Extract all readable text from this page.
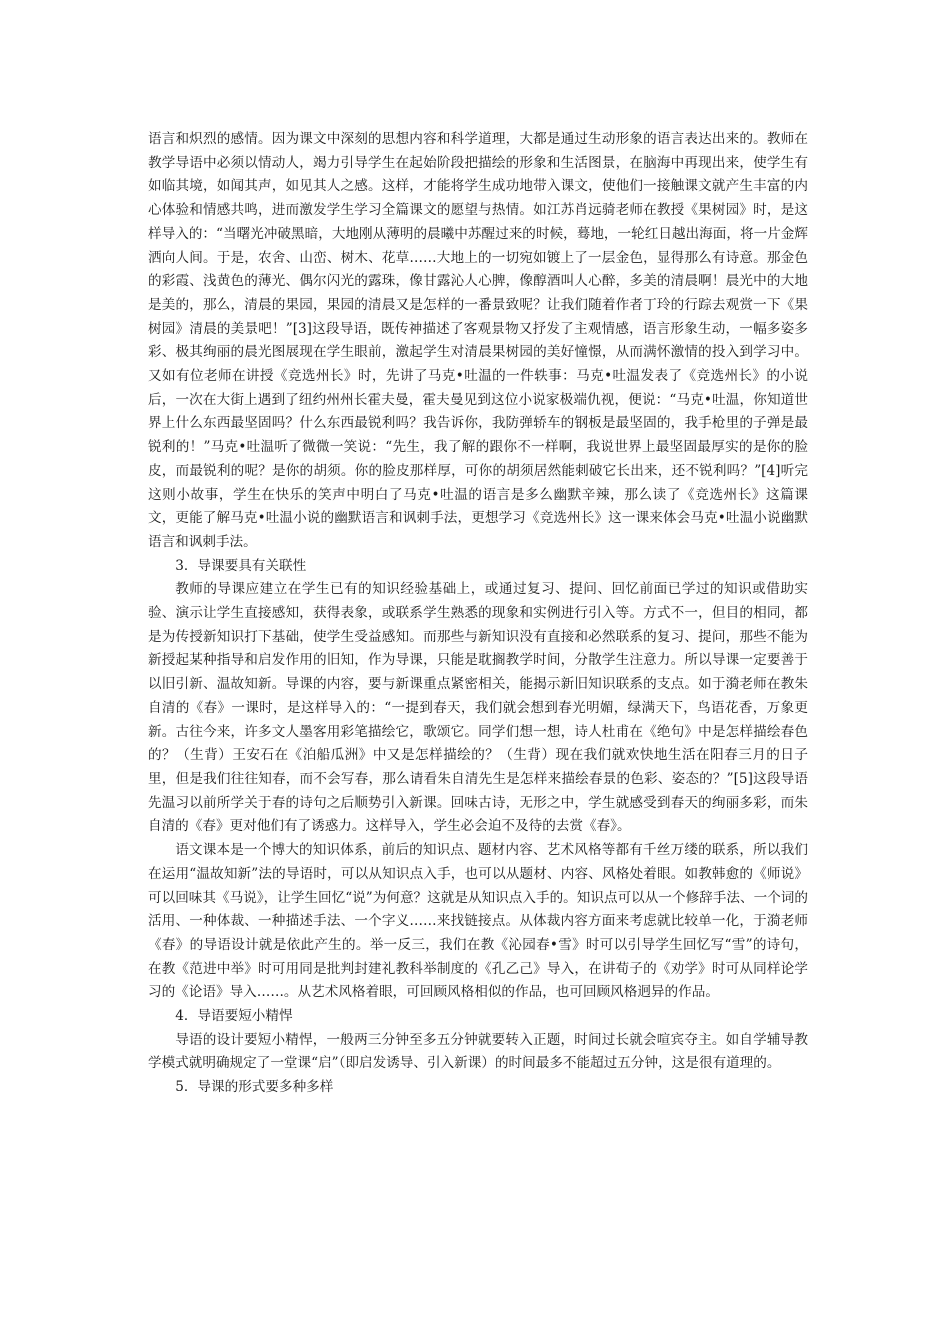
语言和炽烈的感情。因为课文中深刻的思想内容和科学道理，大都是通过生动形象的语言表达出来的。教师在教学导语中必须以情动人，竭力引导学生在起始阶段把描绘的形象和生活图景，在脑海中再现出来，使学生有如临其境，如闻其声，如见其人之感。这样，才能将学生成功地带入课文，使他们一接触课文就产生丰富的内心体验和情感共鸣，进而激发学生学习全篇课文的愿望与热情。如江苏肖远骑老师在教授《果树园》时，是这样导入的：“当曙光冲破黑暗，大地刚从薄明的晨曦中苏醒过来的时候，蓦地，一轮红日越出海面，将一片金辉洒向人间。于是，农舍、山峦、树木、花草……大地上的一切宛如镀上了一层金色，显得那么有诗意。那金色的彩霞、浅黄色的薄光、偶尔闪光的露珠，像甘露沁人心脾，像醇酒叫人心醉，多美的清晨啊！晨光中的大地是美的，那么，清晨的果园，果园的清晨又是怎样的一番景致呢？让我们随着作者丁玲的行踪去观赏一下《果树园》清晨的美景吧！”[3]这段导语，既传神描述了客观景物又抒发了主观情感，语言形象生动，一幅多姿多彩、极其绚丽的晨光图展现在学生眼前，激起学生对清晨果树园的美好憧憬，从而满怀激情的投入到学习中。又如有位老师在讲授《竞选州长》时，先讲了马克•吐温的一件轶事：马克•吐温发表了《竞选州长》的小说后，一次在大街上遇到了纽约州州长霍夫曼，霍夫曼见到这位小说家极端仇视，便说：“马克•吐温，你知道世界上什么东西最坚固吗？什么东西最锐利吗？我告诉你，我防弹轿车的钢板是最坚固的，我手枪里的子弹是最锐利的！”马克•吐温听了微微一笑说：“先生，我了解的跟你不一样啊，我说世界上最坚固最厚实的是你的脸皮，而最锐利的呢？是你的胡须。你的脸皮那样厚，可你的胡须居然能刺破它长出来，还不锐利吗？”[4]听完这则小故事，学生在快乐的笑声中明白了马克•吐温的语言是多么幽默辛辣，那么读了《竞选州长》这篇课文，更能了解马克•吐温小说的幽默语言和讽刺手法，更想学习《竞选州长》这一课来体会马克•吐温小说幽默语言和讽刺手法。

3．导课要具有关联性

教师的导课应建立在学生已有的知识经验基础上，或通过复习、提问、回忆前面已学过的知识或借助实验、演示让学生直接感知，获得表象，或联系学生熟悉的现象和实例进行引入等。方式不一，但目的相同，都是为传授新知识打下基础，使学生受益感知。而那些与新知识没有直接和必然联系的复习、提问，那些不能为新授起某种指导和启发作用的旧知，作为导课，只能是耽搁教学时间，分散学生注意力。所以导课一定要善于以旧引新、温故知新。导课的内容，要与新课重点紧密相关，能揭示新旧知识联系的支点。如于漪老师在教朱自清的《春》一课时，是这样导入的：“一提到春天，我们就会想到春光明媚，绿满天下，鸟语花香，万象更新。古往今来，许多文人墨客用彩笔描绘它，歌颂它。同学们想一想，诗人杜甫在《绝句》中是怎样描绘春色的？（生背）王安石在《泊船瓜洲》中又是怎样描绘的？（生背）现在我们就欢快地生活在阳春三月的日子里，但是我们往往知春，而不会写春，那么请看朱自清先生是怎样来描绘春景的色彩、姿态的？”[5]这段导语先温习以前所学关于春的诗句之后顺势引入新课。回味古诗，无形之中，学生就感受到春天的绚丽多彩，而朱自清的《春》更对他们有了诱惑力。这样导入，学生必会迫不及待的去赏《春》。

语文课本是一个博大的知识体系，前后的知识点、题材内容、艺术风格等都有千丝万缕的联系，所以我们在运用“温故知新”法的导语时，可以从知识点入手，也可以从题材、内容、风格处着眼。如教韩愈的《师说》可以回味其《马说》，让学生回忆“说”为何意？这就是从知识点入手的。知识点可以从一个修辞手法、一个词的活用、一种体裁、一种描述手法、一个字义……来找链接点。从体裁内容方面来考虑就比较单一化，于漪老师《春》的导语设计就是依此产生的。举一反三，我们在教《沁园春•雪》时可以引导学生回忆写“雪”的诗句，在教《范进中举》时可用同是批判封建礼教科举制度的《孔乙己》导入，在讲荀子的《劝学》时可从同样论学习的《论语》导入……。从艺术风格着眼，可回顾风格相似的作品，也可回顾风格迥异的作品。

4．导语要短小精悍

导语的设计要短小精悍，一般两三分钟至多五分钟就要转入正题，时间过长就会喧宾夺主。如自学辅导教学模式就明确规定了一堂课“启”（即启发诱导、引入新课）的时间最多不能超过五分钟，这是很有道理的。

5．导课的形式要多种多样
